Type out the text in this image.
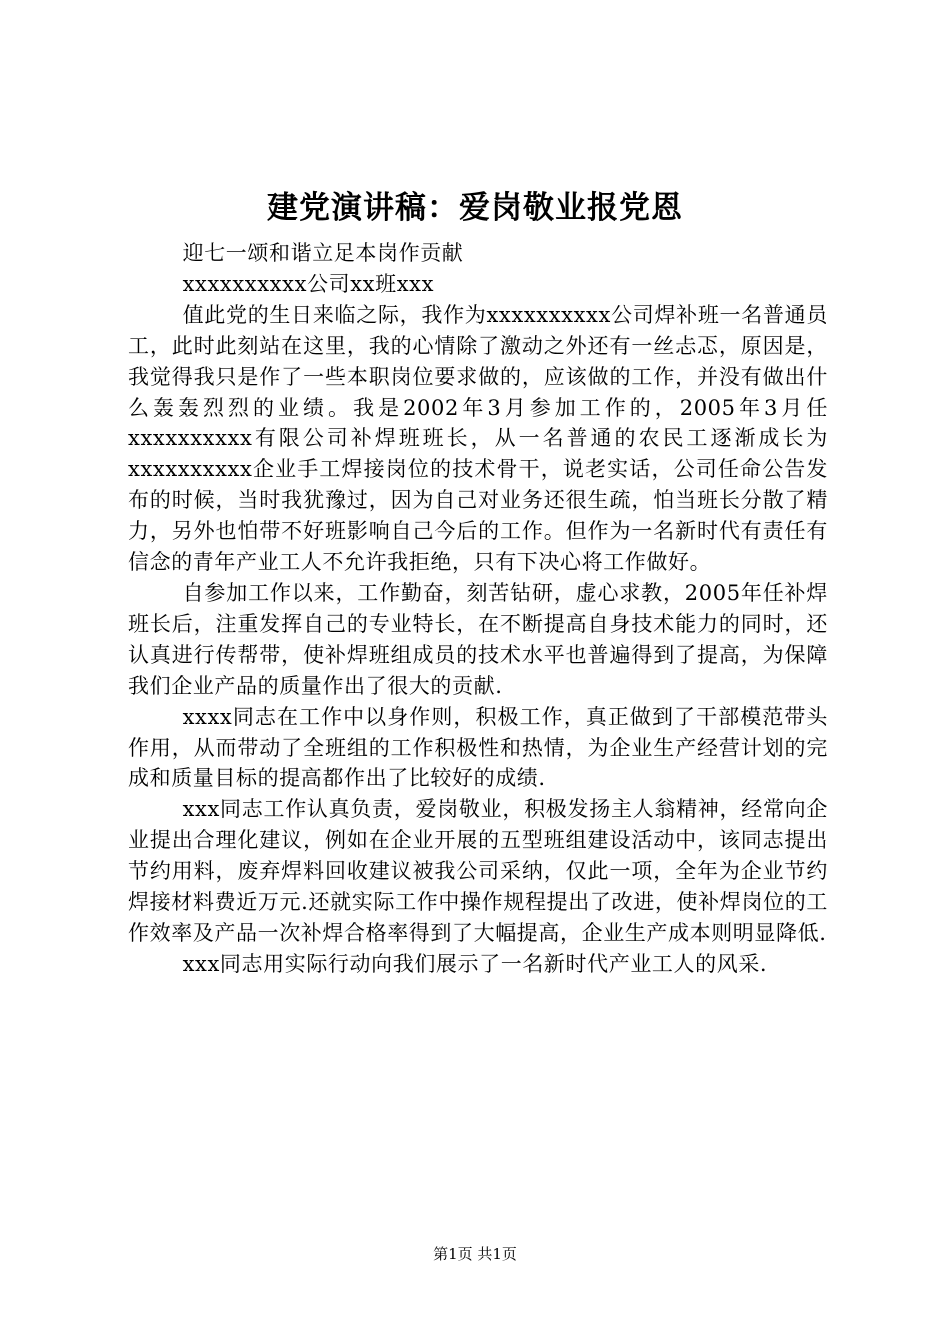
建党演讲稿：爱岗敬业报党恩

迎七一颂和谐立足本岗作贡献

xxxxxxxxxx公司xx班xxx

值此党的生日来临之际，我作为xxxxxxxxxx公司焊补班一名普通员工，此时此刻站在这里，我的心情除了激动之外还有一丝忐忑，原因是，我觉得我只是作了一些本职岗位要求做的，应该做的工作，并没有做出什么轰轰烈烈的业绩。我是2002年3月参加工作的，2005年3月任xxxxxxxxxx有限公司补焊班班长，从一名普通的农民工逐渐成长为xxxxxxxxxx企业手工焊接岗位的技术骨干，说老实话，公司任命公告发布的时候，当时我犹豫过，因为自己对业务还很生疏，怕当班长分散了精力，另外也怕带不好班影响自己今后的工作。但作为一名新时代有责任有信念的青年产业工人不允许我拒绝，只有下决心将工作做好。

自参加工作以来，工作勤奋，刻苦钻研，虚心求教，2005年任补焊班长后，注重发挥自己的专业特长，在不断提高自身技术能力的同时，还认真进行传帮带，使补焊班组成员的技术水平也普遍得到了提高，为保障我们企业产品的质量作出了很大的贡献.

xxxx同志在工作中以身作则，积极工作，真正做到了干部模范带头作用，从而带动了全班组的工作积极性和热情，为企业生产经营计划的完成和质量目标的提高都作出了比较好的成绩.

xxx同志工作认真负责，爱岗敬业，积极发扬主人翁精神，经常向企业提出合理化建议，例如在企业开展的五型班组建设活动中，该同志提出节约用料，废弃焊料回收建议被我公司采纳，仅此一项，全年为企业节约焊接材料费近万元.还就实际工作中操作规程提出了改进，使补焊岗位的工作效率及产品一次补焊合格率得到了大幅提高，企业生产成本则明显降低.

xxx同志用实际行动向我们展示了一名新时代产业工人的风采.

第1页 共1页
